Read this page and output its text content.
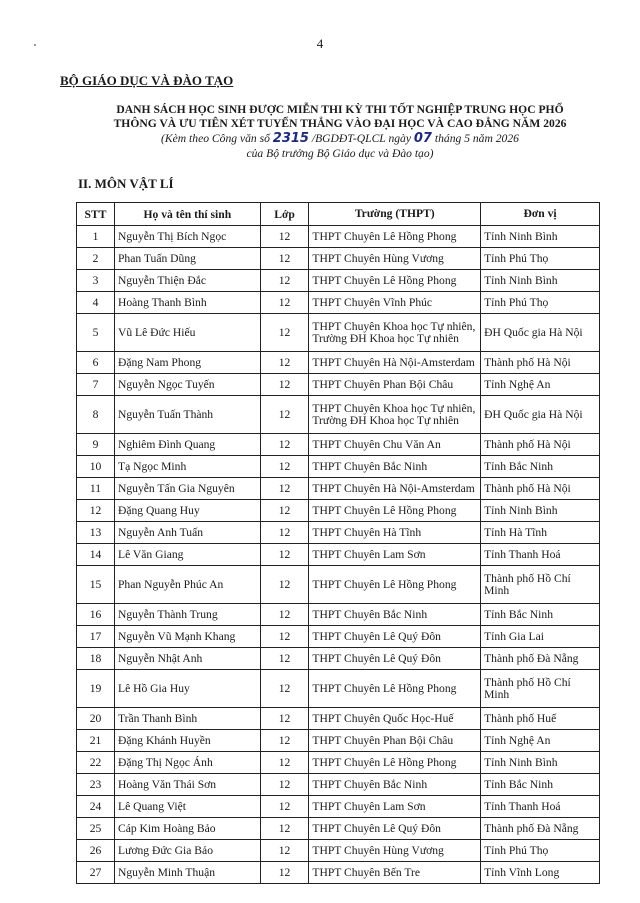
4
BỘ GIÁO DỤC VÀ ĐÀO TẠO
DANH SÁCH HỌC SINH ĐƯỢC MIỄN THI KỲ THI TỐT NGHIỆP TRUNG HỌC PHỔ
THÔNG VÀ ƯU TIÊN XÉT TUYỂN THẲNG VÀO ĐẠI HỌC VÀ CAO ĐẲNG NĂM 2026
(Kèm theo Công văn số 2315 /BGDĐT-QLCL ngày 07 tháng 5 năm 2026
của Bộ trưởng Bộ Giáo dục và Đào tạo)
II. MÔN VẬT LÍ
STT	Họ và tên thí sinh	Lớp	Trường (THPT)	Đơn vị
1	Nguyễn Thị Bích Ngọc	12	THPT Chuyên Lê Hồng Phong	Tỉnh Ninh Bình
2	Phan Tuấn Dũng	12	THPT Chuyên Hùng Vương	Tỉnh Phú Thọ
3	Nguyễn Thiện Đắc	12	THPT Chuyên Lê Hồng Phong	Tỉnh Ninh Bình
4	Hoàng Thanh Bình	12	THPT Chuyên Vĩnh Phúc	Tỉnh Phú Thọ
5	Vũ Lê Đức Hiếu	12	THPT Chuyên Khoa học Tự nhiên, Trường ĐH Khoa học Tự nhiên	ĐH Quốc gia Hà Nội
6	Đặng Nam Phong	12	THPT Chuyên Hà Nội-Amsterdam	Thành phố Hà Nội
7	Nguyễn Ngọc Tuyến	12	THPT Chuyên Phan Bội Châu	Tỉnh Nghệ An
8	Nguyễn Tuấn Thành	12	THPT Chuyên Khoa học Tự nhiên, Trường ĐH Khoa học Tự nhiên	ĐH Quốc gia Hà Nội
9	Nghiêm Đình Quang	12	THPT Chuyên Chu Văn An	Thành phố Hà Nội
10	Tạ Ngọc Minh	12	THPT Chuyên Bắc Ninh	Tỉnh Bắc Ninh
11	Nguyễn Tấn Gia Nguyên	12	THPT Chuyên Hà Nội-Amsterdam	Thành phố Hà Nội
12	Đặng Quang Huy	12	THPT Chuyên Lê Hồng Phong	Tỉnh Ninh Bình
13	Nguyễn Anh Tuấn	12	THPT Chuyên Hà Tĩnh	Tỉnh Hà Tĩnh
14	Lê Văn Giang	12	THPT Chuyên Lam Sơn	Tỉnh Thanh Hoá
15	Phan Nguyễn Phúc An	12	THPT Chuyên Lê Hồng Phong	Thành phố Hồ Chí Minh
16	Nguyễn Thành Trung	12	THPT Chuyên Bắc Ninh	Tỉnh Bắc Ninh
17	Nguyễn Vũ Mạnh Khang	12	THPT Chuyên Lê Quý Đôn	Tỉnh Gia Lai
18	Nguyễn Nhật Anh	12	THPT Chuyên Lê Quý Đôn	Thành phố Đà Nẵng
19	Lê Hồ Gia Huy	12	THPT Chuyên Lê Hồng Phong	Thành phố Hồ Chí Minh
20	Trần Thanh Bình	12	THPT Chuyên Quốc Học-Huế	Thành phố Huế
21	Đặng Khánh Huyền	12	THPT Chuyên Phan Bội Châu	Tỉnh Nghệ An
22	Đặng Thị Ngọc Ánh	12	THPT Chuyên Lê Hồng Phong	Tỉnh Ninh Bình
23	Hoàng Văn Thái Sơn	12	THPT Chuyên Bắc Ninh	Tỉnh Bắc Ninh
24	Lê Quang Việt	12	THPT Chuyên Lam Sơn	Tỉnh Thanh Hoá
25	Cáp Kim Hoàng Bảo	12	THPT Chuyên Lê Quý Đôn	Thành phố Đà Nẵng
26	Lương Đức Gia Bảo	12	THPT Chuyên Hùng Vương	Tỉnh Phú Thọ
27	Nguyễn Minh Thuận	12	THPT Chuyên Bến Tre	Tỉnh Vĩnh Long
